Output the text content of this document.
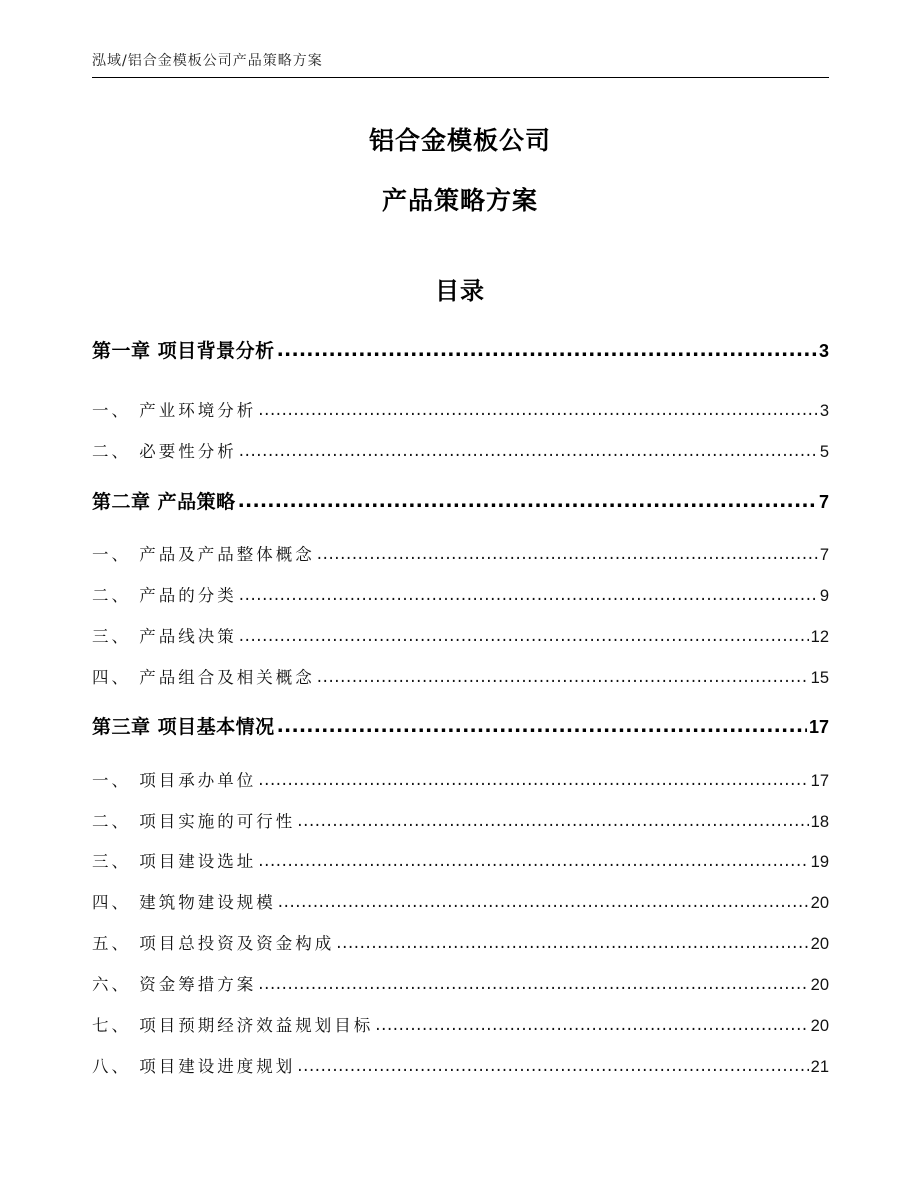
泓域/铝合金模板公司产品策略方案
铝合金模板公司
产品策略方案
目录
第一章 项目背景分析 .....	3
一、 产业环境分析 .....	3
二、 必要性分析 .....	5
第二章 产品策略 .....	7
一、 产品及产品整体概念 .....	7
二、 产品的分类 .....	9
三、 产品线决策 .....	12
四、 产品组合及相关概念 .....	15
第三章 项目基本情况 .....	17
一、 项目承办单位 .....	17
二、 项目实施的可行性 .....	18
三、 项目建设选址 .....	19
四、 建筑物建设规模 .....	20
五、 项目总投资及资金构成 .....	20
六、 资金筹措方案 .....	20
七、 项目预期经济效益规划目标 .....	20
八、 项目建设进度规划 .....	21
